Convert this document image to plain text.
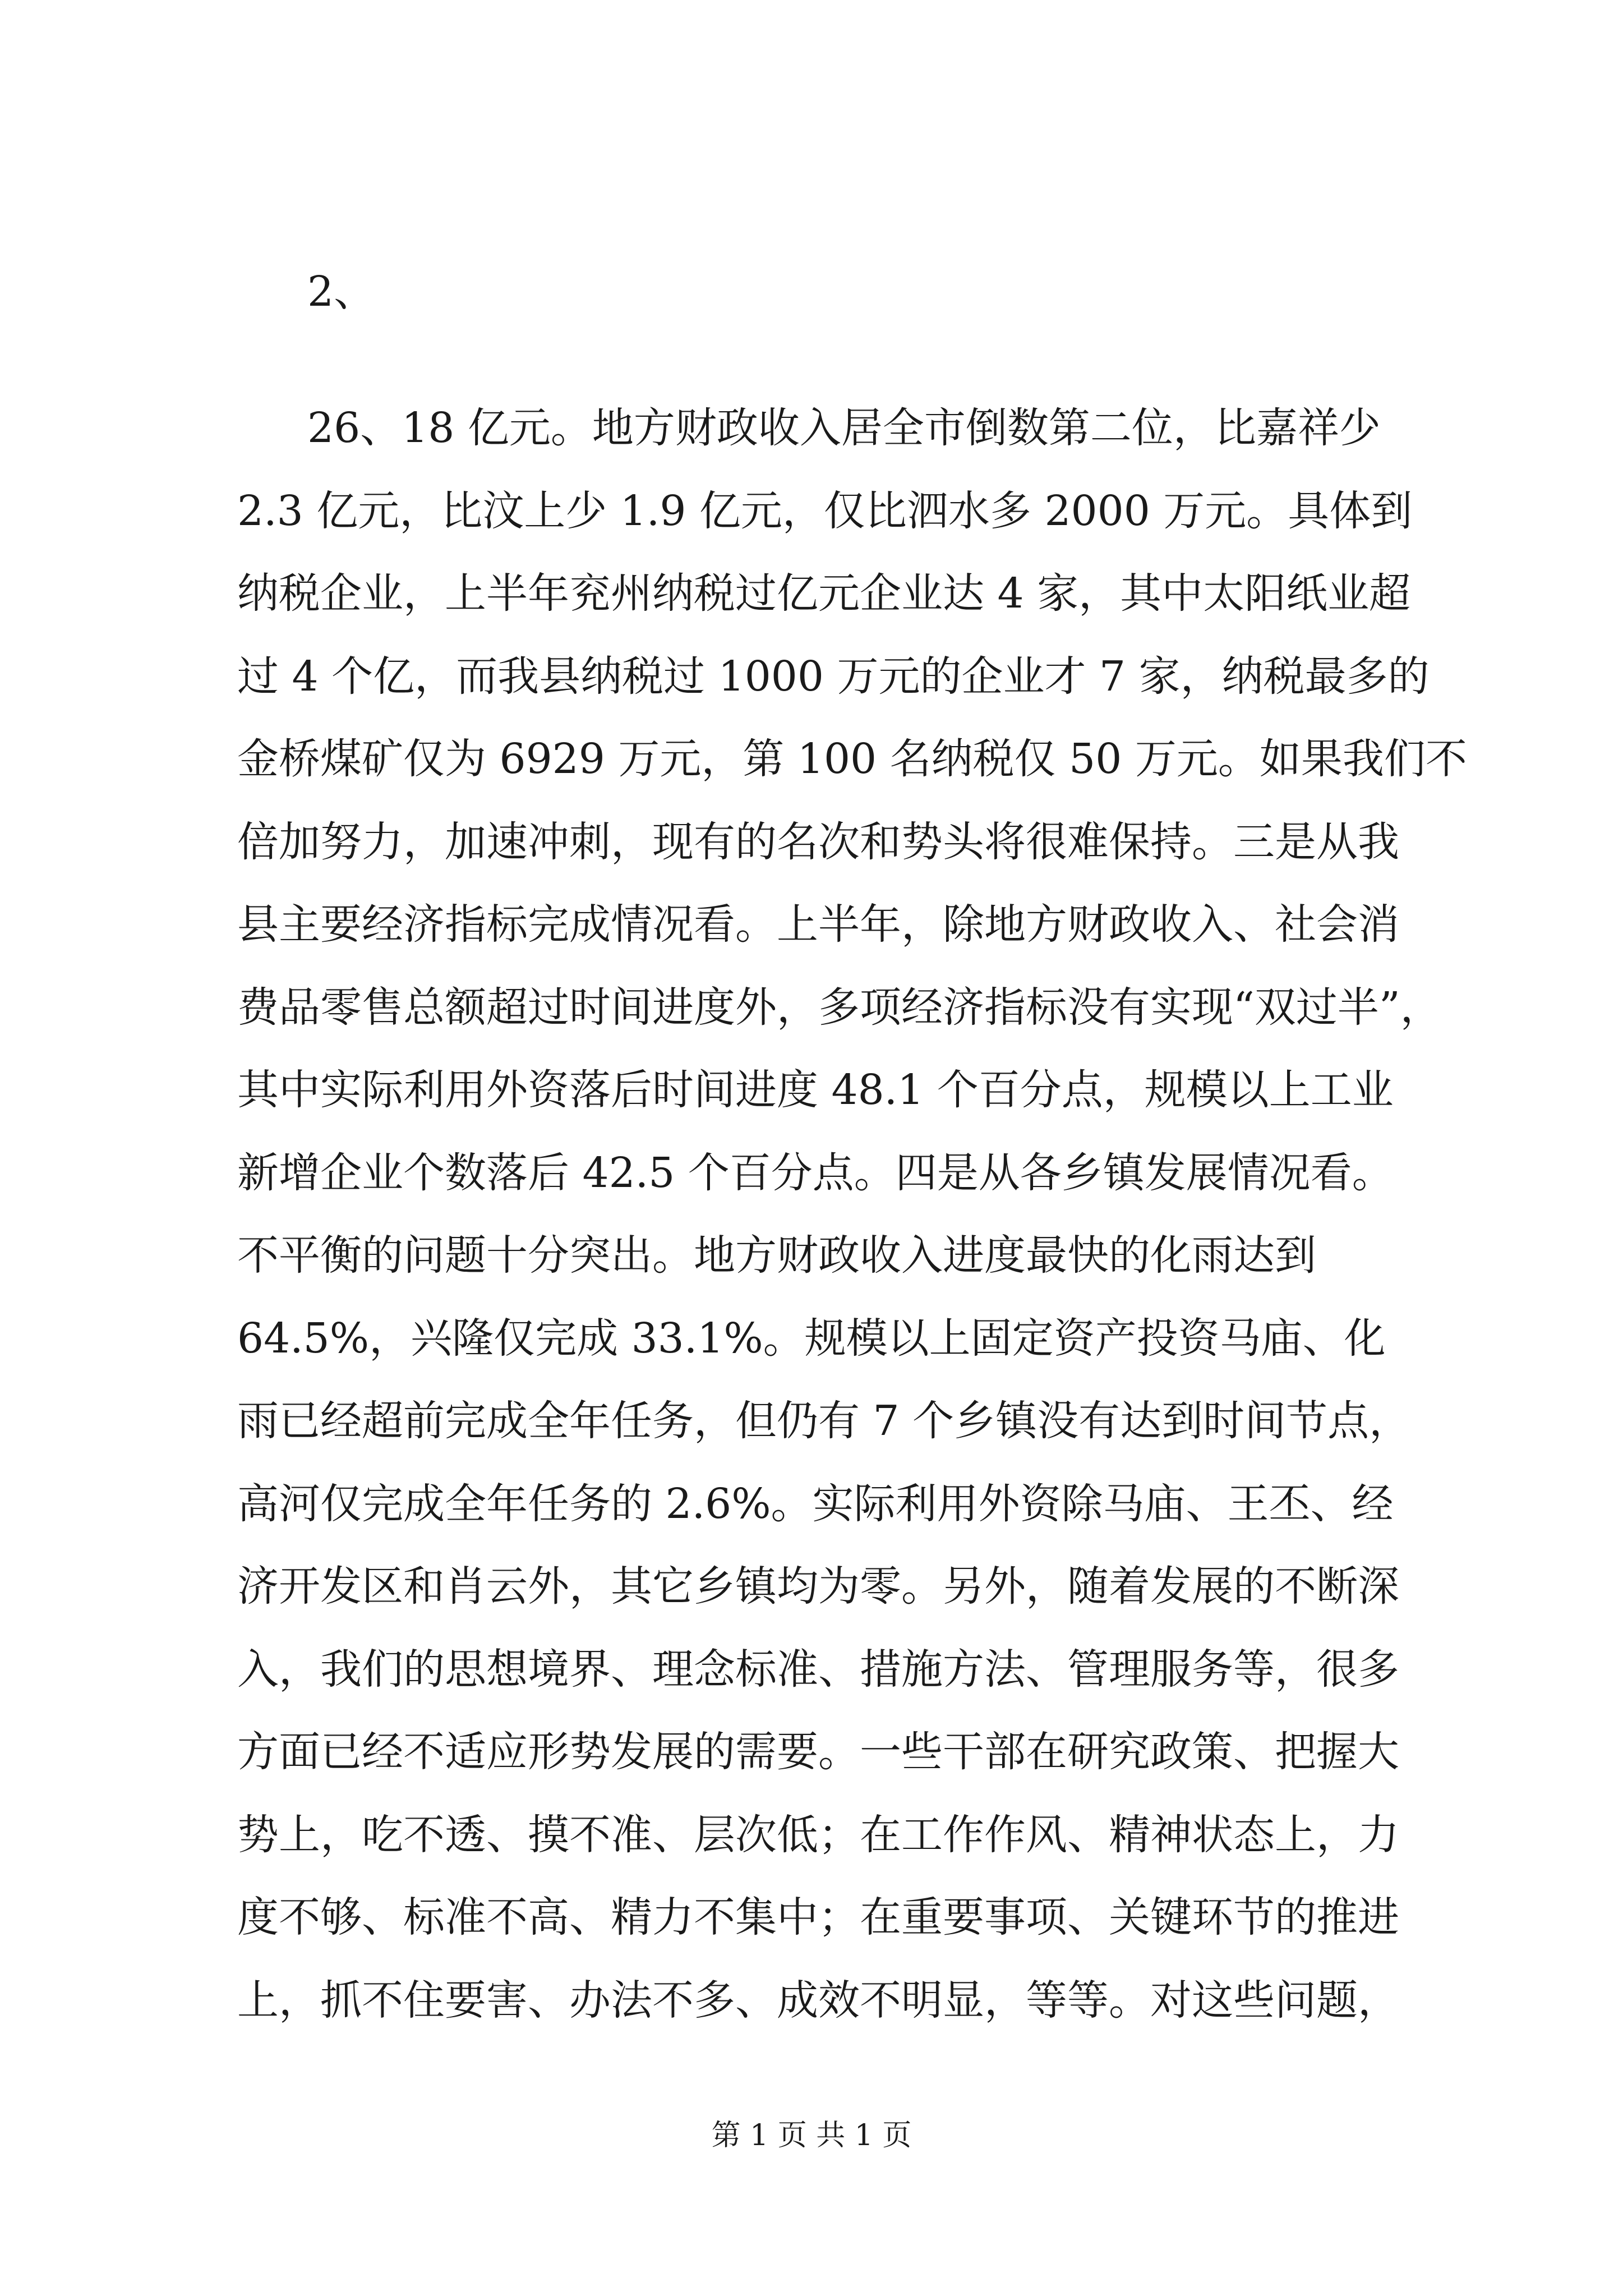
2、
26、18 亿元。地方财政收入居全市倒数第二位，比嘉祥少
2.3 亿元，比汶上少 1.9 亿元，仅比泗水多 2000 万元。具体到
纳税企业，上半年兖州纳税过亿元企业达 4 家，其中太阳纸业超
过 4 个亿，而我县纳税过 1000 万元的企业才 7 家，纳税最多的
金桥煤矿仅为 6929 万元，第 100 名纳税仅 50 万元。如果我们不
倍加努力，加速冲刺，现有的名次和势头将很难保持。三是从我
县主要经济指标完成情况看。上半年，除地方财政收入、社会消
费品零售总额超过时间进度外，多项经济指标没有实现“双过半”，
其中实际利用外资落后时间进度 48.1 个百分点，规模以上工业
新增企业个数落后 42.5 个百分点。四是从各乡镇发展情况看。
不平衡的问题十分突出。地方财政收入进度最快的化雨达到
64.5%，兴隆仅完成 33.1%。规模以上固定资产投资马庙、化
雨已经超前完成全年任务，但仍有 7 个乡镇没有达到时间节点，
高河仅完成全年任务的 2.6%。实际利用外资除马庙、王丕、经
济开发区和肖云外，其它乡镇均为零。另外，随着发展的不断深
入，我们的思想境界、理念标准、措施方法、管理服务等，很多
方面已经不适应形势发展的需要。一些干部在研究政策、把握大
势上，吃不透、摸不准、层次低；在工作作风、精神状态上，力
度不够、标准不高、精力不集中；在重要事项、关键环节的推进
上，抓不住要害、办法不多、成效不明显，等等。对这些问题，
第 1 页 共 1 页
